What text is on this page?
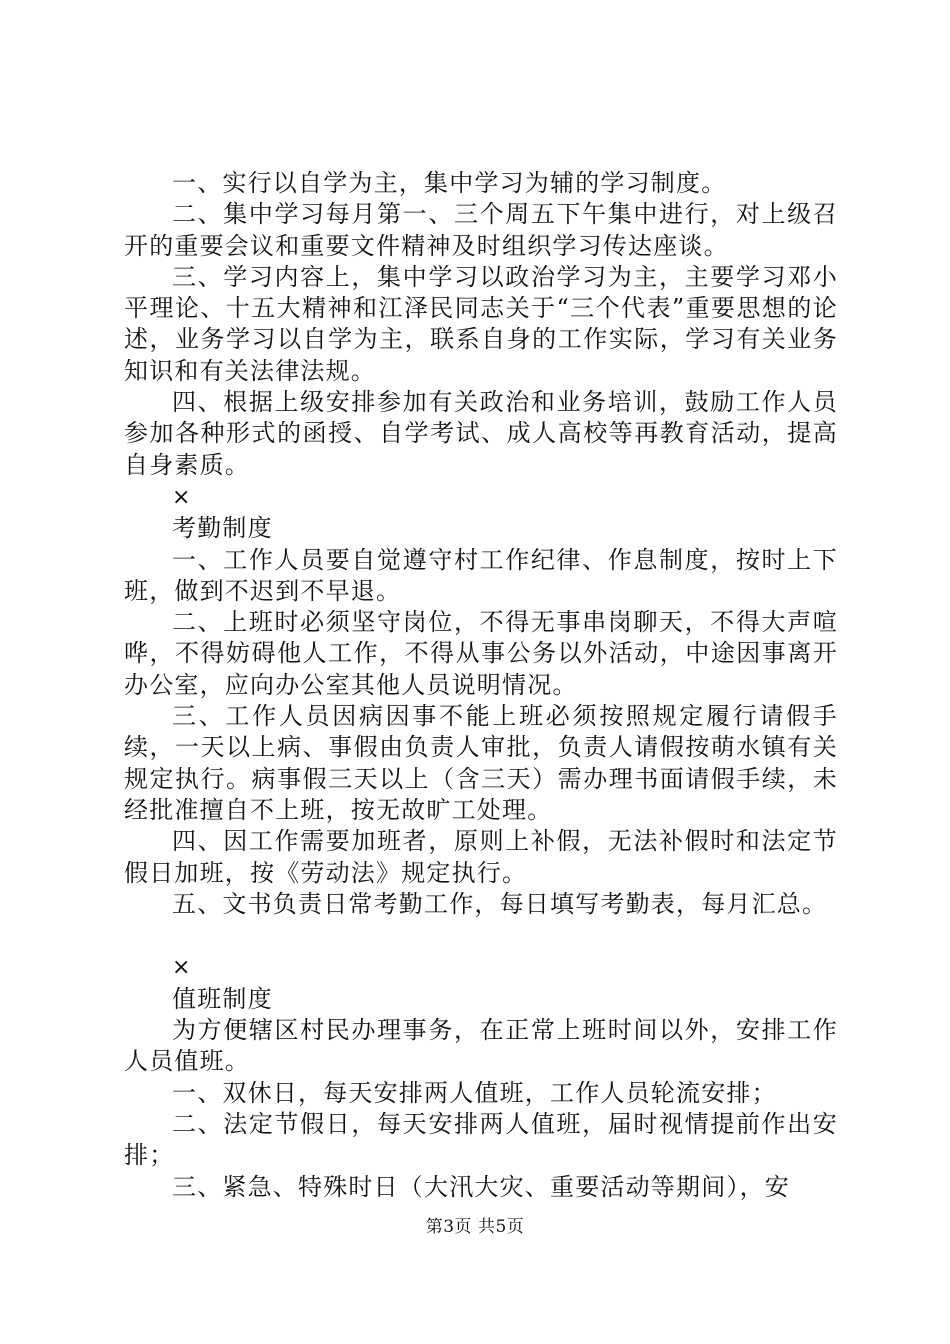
一、实行以自学为主，集中学习为辅的学习制度。

二、集中学习每月第一、三个周五下午集中进行，对上级召开的重要会议和重要文件精神及时组织学习传达座谈。

三、学习内容上，集中学习以政治学习为主，主要学习邓小平理论、十五大精神和江泽民同志关于“三个代表”重要思想的论述，业务学习以自学为主，联系自身的工作实际，学习有关业务知识和有关法律法规。

四、根据上级安排参加有关政治和业务培训，鼓励工作人员参加各种形式的函授、自学考试、成人高校等再教育活动，提高自身素质。

×

考勤制度

一、工作人员要自觉遵守村工作纪律、作息制度，按时上下班，做到不迟到不早退。

二、上班时必须坚守岗位，不得无事串岗聊天，不得大声喧哗，不得妨碍他人工作，不得从事公务以外活动，中途因事离开办公室，应向办公室其他人员说明情况。

三、工作人员因病因事不能上班必须按照规定履行请假手续，一天以上病、事假由负责人审批，负责人请假按萌水镇有关规定执行。病事假三天以上（含三天）需办理书面请假手续，未经批准擅自不上班，按无故旷工处理。

四、因工作需要加班者，原则上补假，无法补假时和法定节假日加班，按《劳动法》规定执行。

五、文书负责日常考勤工作，每日填写考勤表，每月汇总。

×

值班制度

为方便辖区村民办理事务，在正常上班时间以外，安排工作人员值班。

一、双休日，每天安排两人值班，工作人员轮流安排；

二、法定节假日，每天安排两人值班，届时视情提前作出安排；

三、紧急、特殊时日（大汛大灾、重要活动等期间），安

第3页 共5页
